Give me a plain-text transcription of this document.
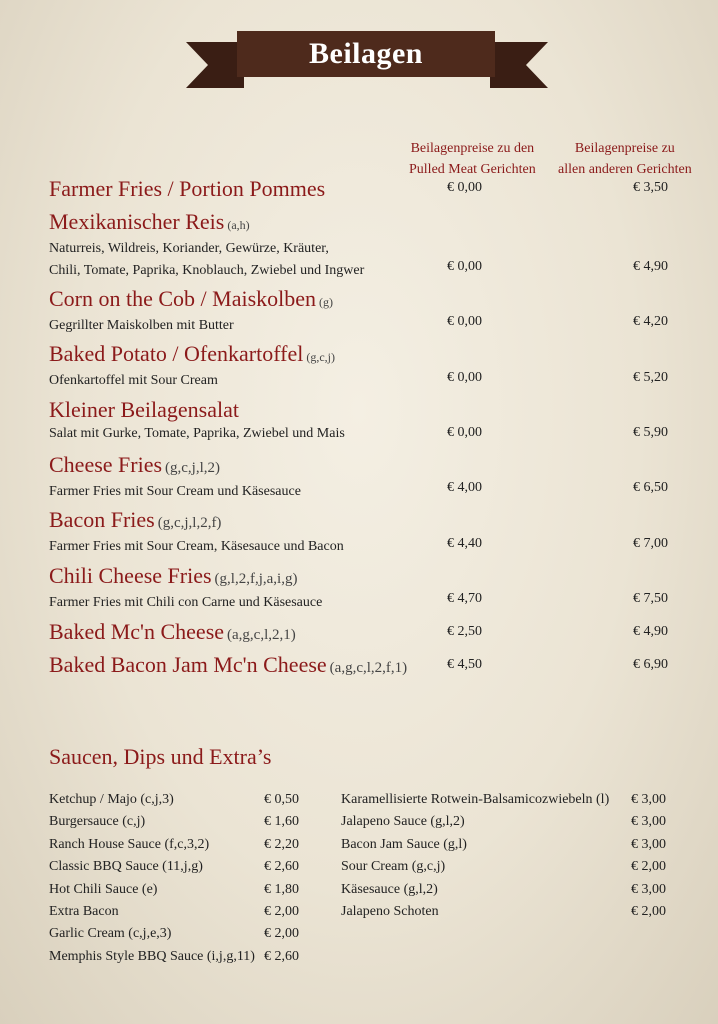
Beilagen
Beilagenpreise zu den
Pulled Meat Gerichten
Beilagenpreise zu
allen anderen Gerichten
Farmer Fries / Portion Pommes	€ 0,00	€ 3,50
Mexikanischer Reis (a,h)
Naturreis, Wildreis, Koriander, Gewürze, Kräuter,
Chili, Tomate, Paprika, Knoblauch, Zwiebel und Ingwer	€ 0,00	€ 4,90
Corn on the Cob / Maiskolben (g)
Gegrillter Maiskolben mit Butter	€ 0,00	€ 4,20
Baked Potato / Ofenkartoffel (g,c,j)
Ofenkartoffel mit Sour Cream	€ 0,00	€ 5,20
Kleiner Beilagensalat
Salat mit Gurke, Tomate, Paprika, Zwiebel und Mais	€ 0,00	€ 5,90
Cheese Fries (g,c,j,l,2)
Farmer Fries mit Sour Cream und Käsesauce	€ 4,00	€ 6,50
Bacon Fries (g,c,j,l,2,f)
Farmer Fries mit Sour Cream, Käsesauce und Bacon	€ 4,40	€ 7,00
Chili Cheese Fries (g,l,2,f,j,a,i,g)
Farmer Fries mit Chili con Carne und Käsesauce	€ 4,70	€ 7,50
Baked Mc'n Cheese (a,g,c,l,2,1)	€ 2,50	€ 4,90
Baked Bacon Jam Mc'n Cheese (a,g,c,l,2,f,1)	€ 4,50	€ 6,90
Saucen, Dips und Extra’s
Ketchup / Majo (c,j,3)	€ 0,50
Burgersauce (c,j)	€ 1,60
Ranch House Sauce (f,c,3,2)	€ 2,20
Classic BBQ Sauce (11,j,g)	€ 2,60
Hot Chili Sauce (e)	€ 1,80
Extra Bacon	€ 2,00
Garlic Cream (c,j,e,3)	€ 2,00
Memphis Style BBQ Sauce (i,j,g,11) € 2,60
Karamellisierte Rotwein-Balsamicozwiebeln (l)	€ 3,00
Jalapeno Sauce (g,l,2)	€ 3,00
Bacon Jam Sauce (g,l)	€ 3,00
Sour Cream (g,c,j)	€ 2,00
Käsesauce (g,l,2)	€ 3,00
Jalapeno Schoten	€ 2,00
